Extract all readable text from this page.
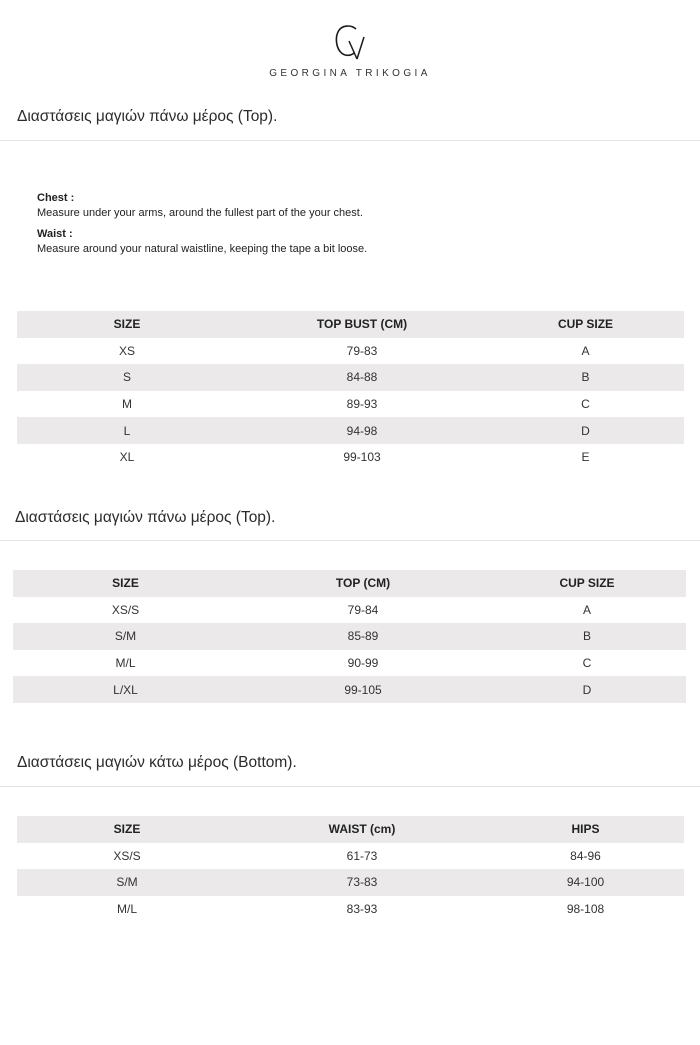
GEORGINA TRIKOGIA
Διαστάσεις μαγιών πάνω μέρος (Top).
Chest :
Measure under your arms, around the fullest part of the your chest.
Waist :
Measure around your natural waistline, keeping the tape a bit loose.
SIZE	TOP BUST (CM)	CUP SIZE
XS	79-83	A
S	84-88	B
M	89-93	C
L	94-98	D
XL	99-103	E
Διαστάσεις μαγιών πάνω μέρος (Top).
SIZE	TOP (CM)	CUP SIZE
XS/S	79-84	A
S/M	85-89	B
M/L	90-99	C
L/XL	99-105	D
Διαστάσεις μαγιών κάτω μέρος (Bottom).
SIZE	WAIST (cm)	HIPS
XS/S	61-73	84-96
S/M	73-83	94-100
M/L	83-93	98-108
